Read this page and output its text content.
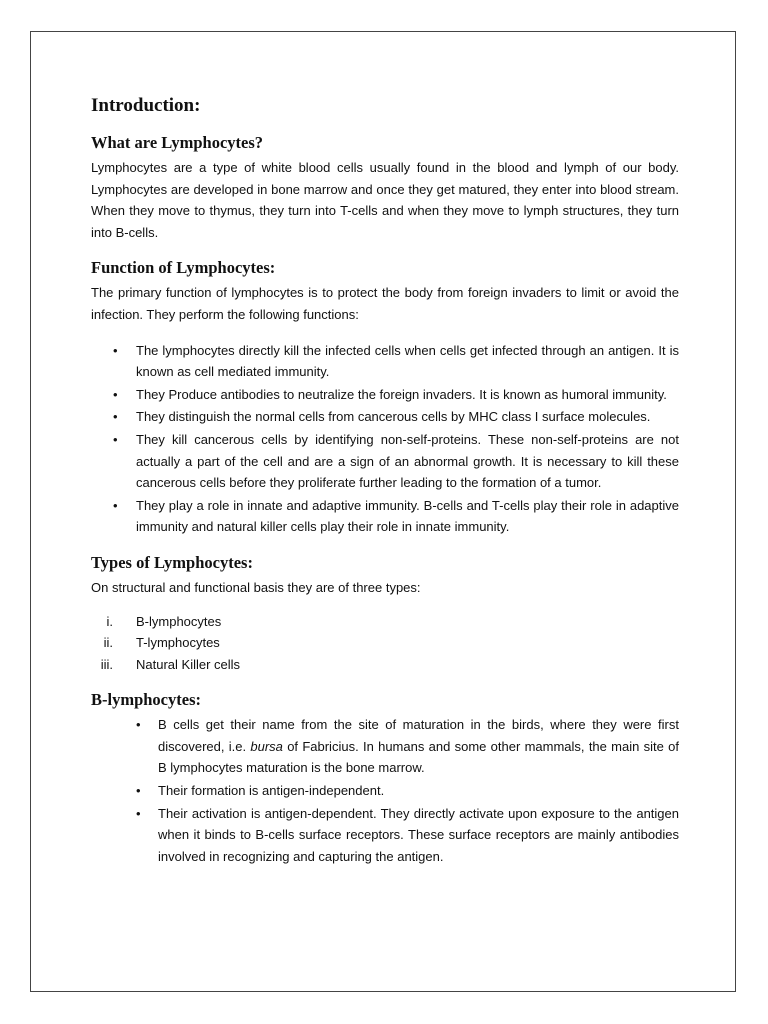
Introduction:
What are Lymphocytes?

Lymphocytes are a type of white blood cells usually found in the blood and lymph of our body. Lymphocytes are developed in bone marrow and once they get matured, they enter into blood stream. When they move to thymus, they turn into T-cells and when they move to lymph structures, they turn into B-cells.

Function of Lymphocytes:

The primary function of lymphocytes is to protect the body from foreign invaders to limit or avoid the infection. They perform the following functions:

• The lymphocytes directly kill the infected cells when cells get infected through an antigen. It is known as cell mediated immunity.
• They Produce antibodies to neutralize the foreign invaders. It is known as humoral immunity.
• They distinguish the normal cells from cancerous cells by MHC class I surface molecules.
• They kill cancerous cells by identifying non-self-proteins. These non-self-proteins are not actually a part of the cell and are a sign of an abnormal growth. It is necessary to kill these cancerous cells before they proliferate further leading to the formation of a tumor.
• They play a role in innate and adaptive immunity. B-cells and T-cells play their role in adaptive immunity and natural killer cells play their role in innate immunity.
Types of Lymphocytes:

On structural and functional basis they are of three types:

i. B-lymphocytes
ii. T-lymphocytes
iii. Natural Killer cells
B-lymphocytes:
• B cells get their name from the site of maturation in the birds, where they were first discovered, i.e. bursa of Fabricius. In humans and some other mammals, the main site of B lymphocytes maturation is the bone marrow.
• Their formation is antigen-independent.
• Their activation is antigen-dependent. They directly activate upon exposure to the antigen when it binds to B-cells surface receptors. These surface receptors are mainly antibodies involved in recognizing and capturing the antigen.
